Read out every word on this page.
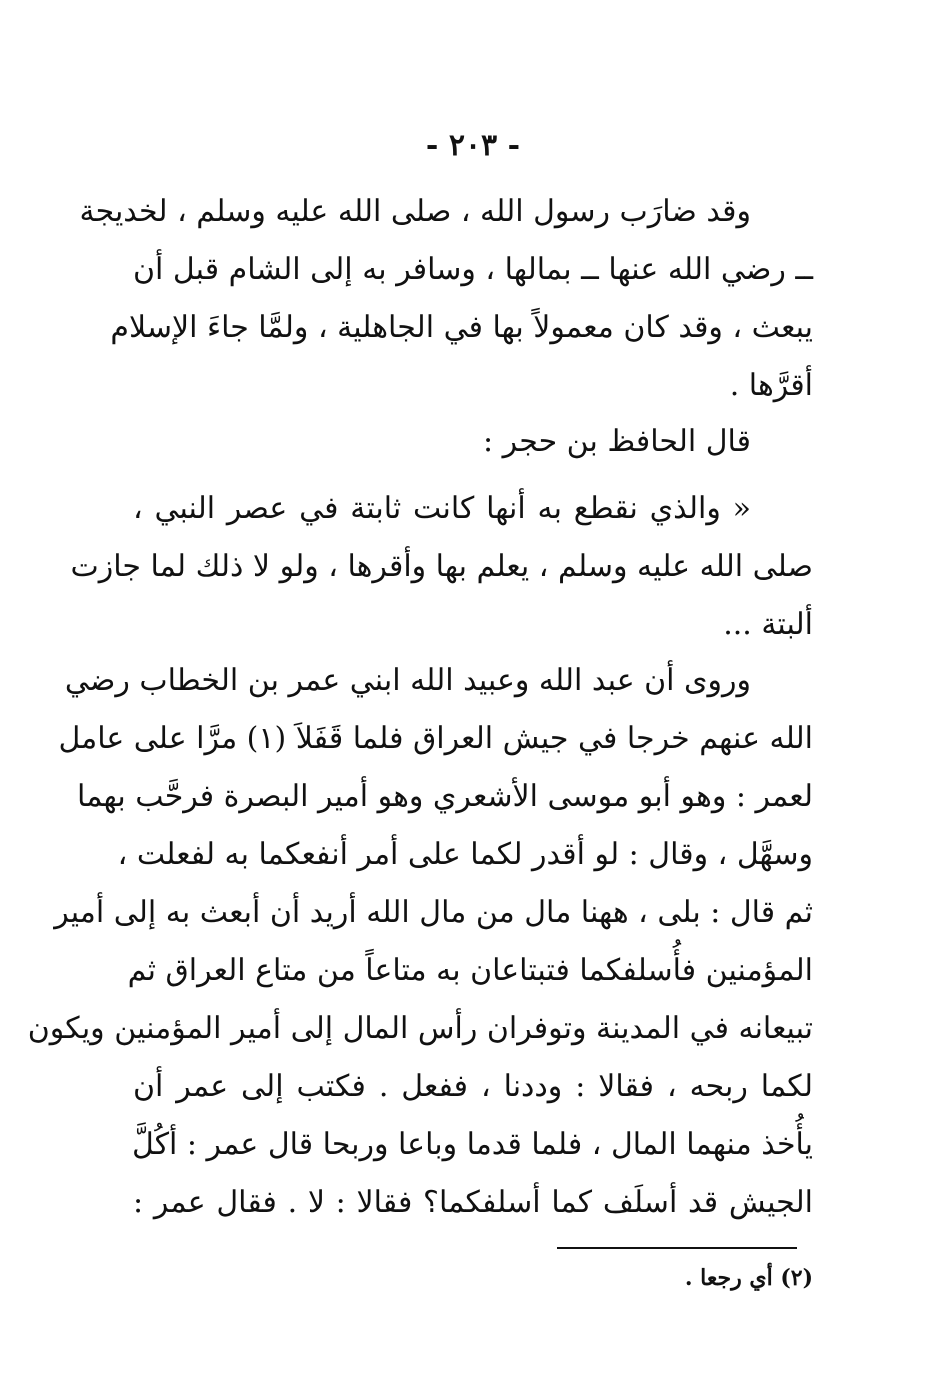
- ٢٠٣ -
وقد ضارَب رسول الله ، صلى الله عليه وسلم ، لخديجة
ــ رضي الله عنها ــ بمالها ، وسافر به إلى الشام قبل أن
يبعث ، وقد كان معمولاً بها في الجاهلية ، ولمَّا جاءَ الإسلام
أقرَّها .
قال الحافظ بن حجر :
« والذي نقطع به أنها كانت ثابتة في عصر النبي ،
صلى الله عليه وسلم ، يعلم بها وأقرها ، ولو لا ذلك لما جازت
ألبتة ...
وروى أن عبد الله وعبيد الله ابني عمر بن الخطاب رضي
الله عنهم خرجا في جيش العراق فلما قَفَلاَ (١) مرَّا على عامل
لعمر : وهو أبو موسى الأشعري وهو أمير البصرة فرحَّب بهما
وسهَّل ، وقال : لو أقدر لكما على أمر أنفعكما به لفعلت ،
ثم قال : بلى ، ههنا مال من مال الله أريد أن أبعث به إلى أمير
المؤمنين فأُسلفكما فتبتاعان به متاعاً من متاع العراق ثم
تبيعانه في المدينة وتوفران رأس المال إلى أمير المؤمنين ويكون
لكما ربحه ، فقالا : وددنا ، ففعل . فكتب إلى عمر أن
يأُخذ منهما المال ، فلما قدما وباعا وربحا قال عمر : أكُلَّ
الجيش قد أسلَف كما أسلفكما؟ فقالا : لا . فقال عمر :
(٢) أي رجعا .
